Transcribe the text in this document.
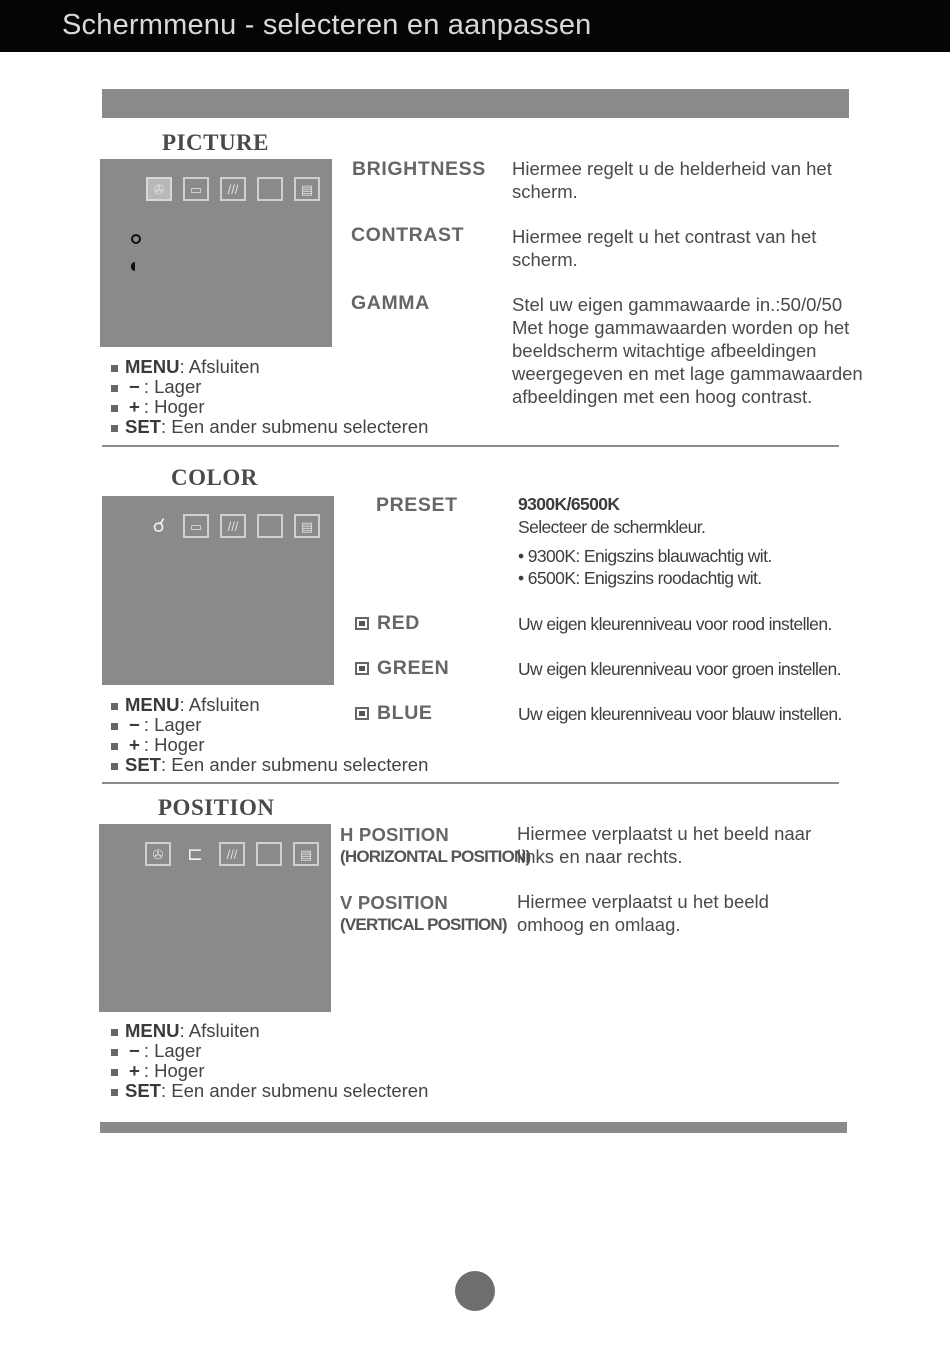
Schermmenu - selecteren en aanpassen
PICTURE
✇	▭	///	▤
MENU : Afsluiten
− : Lager
+ : Hoger
SET : Een ander submenu selecteren
BRIGHTNESS Hiermee regelt u de helderheid van het scherm.
CONTRAST	Hiermee regelt u het contrast van het scherm.
GAMMA	Stel uw eigen gammawaarde in.:50/0/50 Met hoge gammawaarden worden op het beeldscherm witachtige afbeeldingen weergegeven en met lage gammawaarden afbeeldingen met een hoog contrast.
COLOR
☌	▭	///	▤
MENU : Afsluiten
− : Lager
+ : Hoger
SET : Een ander submenu selecteren
PRESET	9300K/6500K
Selecteer de schermkleur.
• 9300K: Enigszins blauwachtig wit.
• 6500K: Enigszins roodachtig wit.
RED	Uw eigen kleurenniveau voor rood instellen.
GREEN	Uw eigen kleurenniveau voor groen instellen.
BLUE	Uw eigen kleurenniveau voor blauw instellen.
POSITION
✇ ⊏	///	▤
MENU : Afsluiten
− : Lager
+ : Hoger
SET : Een ander submenu selecteren
H POSITION
(HORIZONTAL POSITION)
Hiermee verplaatst u het beeld naar links en naar rechts.
V POSITION
(VERTICAL POSITION)
Hiermee verplaatst u het beeld omhoog en omlaag.
